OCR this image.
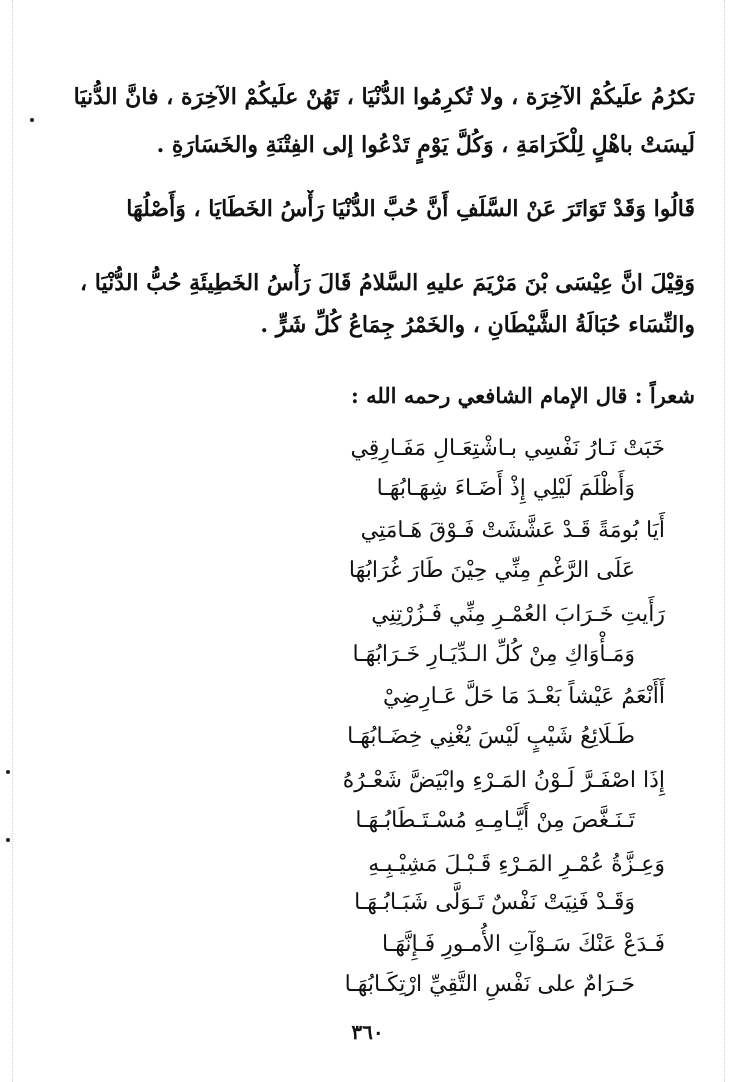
تكرُمُ علَيكُمْ الآخِرَة ، ولا تُكرِمُوا الدُّنْيَا ، تَهُنْ علَيكُمْ الآخِرَة ، فانَّ الدُّنيَا
لَيسَتْ باهْلٍ لِلْكَرَامَةِ ، وَكُلَّ يَوْمٍ تَدْعُوا إلى الفِتْنَةِ والخَسَارَةِ .
قَالُوا وَقَدْ تَوَاتَرَ عَنْ السَّلَفِ أَنَّ حُبَّ الدُّنْيَا رَأْسُ الخَطَايَا ، وَأَصْلُهَا
وَقِيْلَ انَّ عِيْسَى بْنَ مَرْيَمَ عليهِ السَّلامُ قَالَ رَأْسُ الخَطِيئَةِ حُبُّ الدُّنْيَا ،
والنِّسَاء حُبَالَةُ الشَّيْطَانِ ، والخَمْرُ جِمَاعُ كُلِّ شَرٍّ .
شعراً : قال الإمام الشافعي رحمه الله :
خَبَتْ نَـارُ نَفْسِي بـاشْتِعَـالِ مَفَـارِقِي
وَأَظْلَمَ لَيْلِي إِذْ أَضَـاءَ شِهَـابُهَـا
أَيَا بُومَةً قَـدْ عَشَّشَتْ فَـوْقَ هَـامَتِي
عَلَى الرَّغْمِ مِنِّي حِيْنَ طَارَ غُرَابُهَا
رَأَيتِ خَـرَابَ العُمْـرِ مِنِّي فَـزُرْتِنِي
وَمَـأْوَاكِ مِنْ كُلِّ الـدِّيَـارِ خَـرَابُهَـا
أَأَنْعَمُ عَيْشاً بَعْـدَ مَا حَلَّ عَـارِضِيْ
طَـلَائِعُ شَيْبٍ لَيْسَ يُغْنِي خِضَـابُهَـا
إِذَا اصْفَـرَّ لَـوْنُ المَـرْءِ وابْيَضَّ شَعْـرُهُ
تَـنَـغَّصَ مِنْ أَيَّـامِـهِ مُسْـتَـطَابُـهَـا
وَعِـزَّةُ عُمْـرِ المَـرْءِ قَـبْـلَ مَشِيْـبِـهِ
وَقَـدْ فَنِيَتْ نَفْسٌ تَـوَلَّى شَبَـابُـهَـا
فَـدَعْ عَنْكَ سَـوْآتِ الأُمـورِ فَـإِنَّهَـا
حَـرَامٌ على نَفْسِ التَّقِيِّ ارْتِكَـابُهَـا
٣٦٠
